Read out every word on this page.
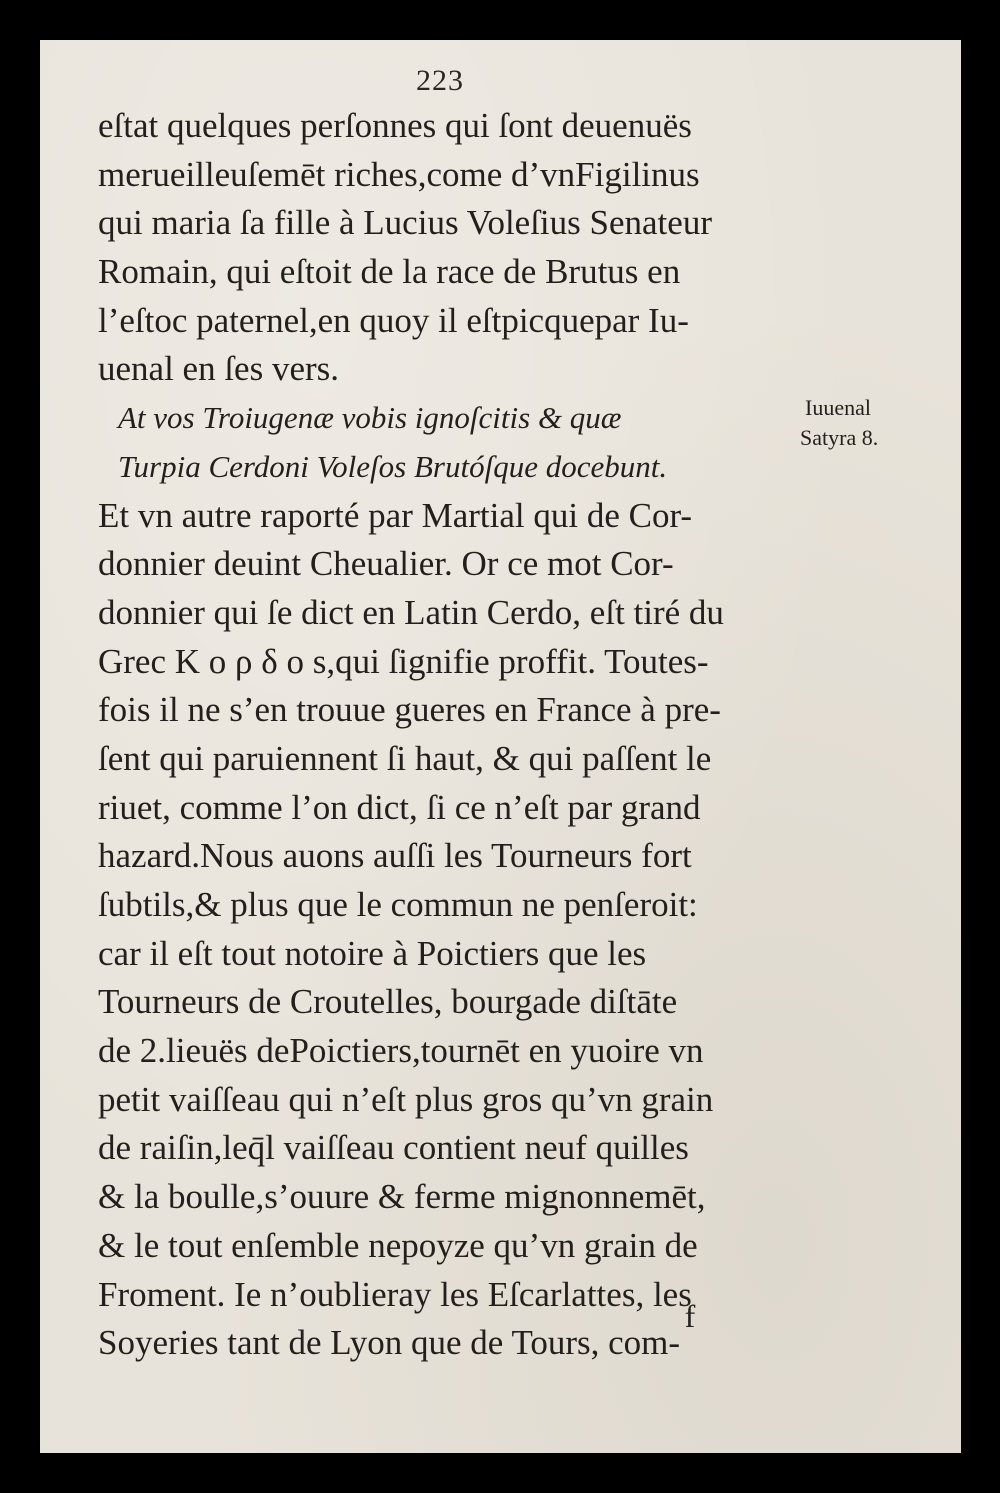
223
eſtat quelques perſonnes qui ſont deuenuës
merueilleuſemēt riches,come d’vnFigilinus
qui maria ſa fille à Lucius Voleſius Senateur
Romain, qui eſtoit de la race de Brutus en
l’eſtoc paternel,en quoy il eſtpicquepar Iu-
uenal en ſes vers.
At vos Troiugenæ vobis ignoſcitis & quæ
Turpia Cerdoni Voleſos Brutóſque docebunt.
Et vn autre raporté par Martial qui de Cor-
donnier deuint Cheualier. Or ce mot Cor-
donnier qui ſe dict en Latin Cerdo, eſt tiré du
Grec Κ ο ρ δ ο s,qui ſignifie proffit. Toutes-
fois il ne s’en trouue gueres en France à pre-
ſent qui paruiennent ſi haut, & qui paſſent le
riuet, comme l’on dict, ſi ce n’eſt par grand
hazard.Nous auons auſſi les Tourneurs fort
ſubtils,& plus que le commun ne penſeroit:
car il eſt tout notoire à Poictiers que les
Tourneurs de Croutelles, bourgade diſtāte
de 2.lieuës dePoictiers,tournēt en yuoire vn
petit vaiſſeau qui n’eſt plus gros qu’vn grain
de raiſin,leq̄l vaiſſeau contient neuf quilles
& la boulle,s’ouure & ferme mignonnemēt,
& le tout enſemble nepoyze qu’vn grain de
Froment. Ie n’oublieray les Eſcarlattes, les
Soyeries tant de Lyon que de Tours, com-
Iuuenal
Satyra 8.
f
